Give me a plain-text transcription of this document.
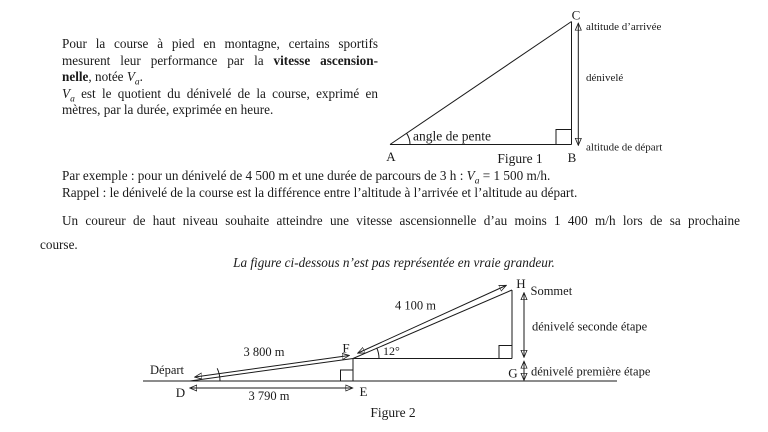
Pour la course à pied en montagne, certains sportifs
mesurent leur performance par la vitesse ascension-
nelle, notée $V_a$.
$V_a$ est le quotient du dénivelé de la course, exprimé en
mètres, par la durée, exprimée en heure.
Par exemple : pour un dénivelé de 4 500 m et une durée de parcours de 3 h : $V_a = 1$ 500 m/h.
Rappel : le dénivelé de la course est la différence entre l’altitude à l’arrivée et l’altitude au départ.
Un coureur de haut niveau souhaite atteindre une vitesse ascensionnelle d’au moins 1 400 m/h lors de sa prochaine
course.
La figure ci-dessous n’est pas représentée en vraie grandeur.
A	B
C
angle de pente
altitude d’arrivée
dénivelé
altitude de départ
Figure 1
Départ
D	E
F
G
H
3 800 m
3 790 m
4 100 m
12°
Sommet
dénivelé seconde étape
dénivelé première étape
Figure 2
